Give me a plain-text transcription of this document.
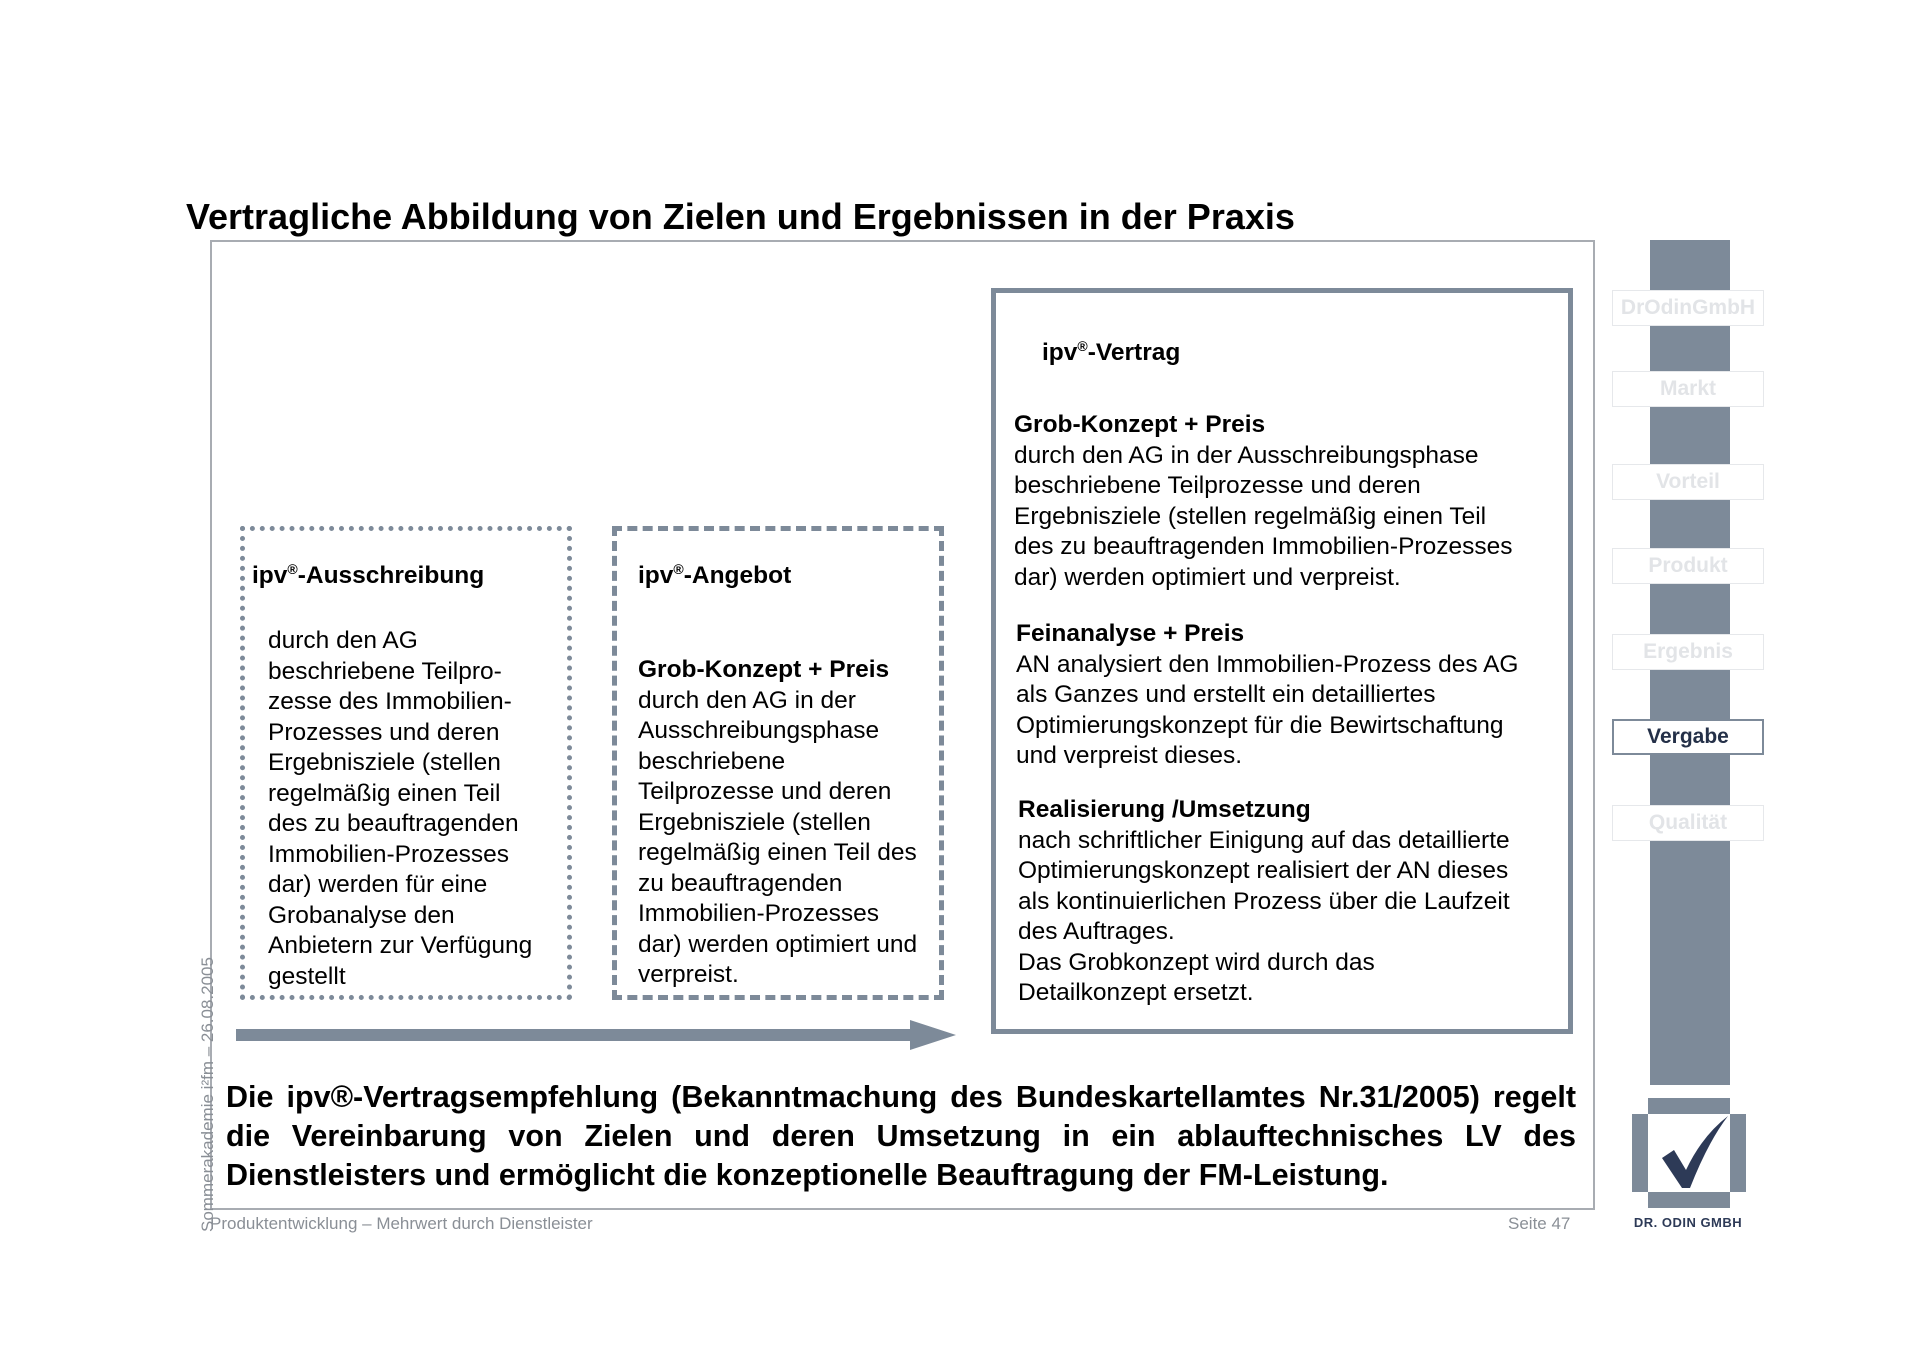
Vertragliche Abbildung von Zielen und Ergebnissen in der Praxis
ipv®-Ausschreibung

durch den AG

beschriebene Teilpro-

zesse des Immobilien-

Prozesses und deren

Ergebnisziele (stellen

regelmäßig einen Teil

des zu beauftragenden

Immobilien-Prozesses

dar) werden für eine

Grobanalyse den

Anbietern zur Verfügung

gestellt

ipv®-Angebot

Grob-Konzept + Preis

durch den AG in der

Ausschreibungsphase

beschriebene

Teilprozesse und deren

Ergebnisziele (stellen

regelmäßig einen Teil des

zu beauftragenden

Immobilien-Prozesses

dar) werden optimiert und

verpreist.

ipv®-Vertrag

Grob-Konzept + Preis

durch den AG in der Ausschreibungsphase

beschriebene Teilprozesse und deren

Ergebnisziele (stellen regelmäßig einen Teil

des zu beauftragenden Immobilien-Prozesses

dar) werden optimiert und verpreist.

Feinanalyse + Preis

AN analysiert den Immobilien-Prozess des AG

als Ganzes und erstellt ein detailliertes

Optimierungskonzept für die Bewirtschaftung

und verpreist dieses.

Realisierung /Umsetzung

nach schriftlicher Einigung auf das detaillierte

Optimierungskonzept realisiert der AN dieses

als kontinuierlichen Prozess über die Laufzeit

des Auftrages.

Das Grobkonzept wird durch das

Detailkonzept ersetzt.

Die ipv®-Vertragsempfehlung (Bekanntmachung des Bundeskartellamtes Nr.31/2005) regelt die Vereinbarung von Zielen und deren Umsetzung in ein ablauftechnisches LV des Dienstleisters und ermöglicht die konzeptionelle Beauftragung der FM-Leistung.
Sommerakademie i²fm – 26.08.2005
Produktentwicklung – Mehrwert durch Dienstleister	Seite 47
DrOdinGmbH
Markt
Vorteil
Produkt
Ergebnis
Vergabe
Qualität
DR. ODIN GMBH
